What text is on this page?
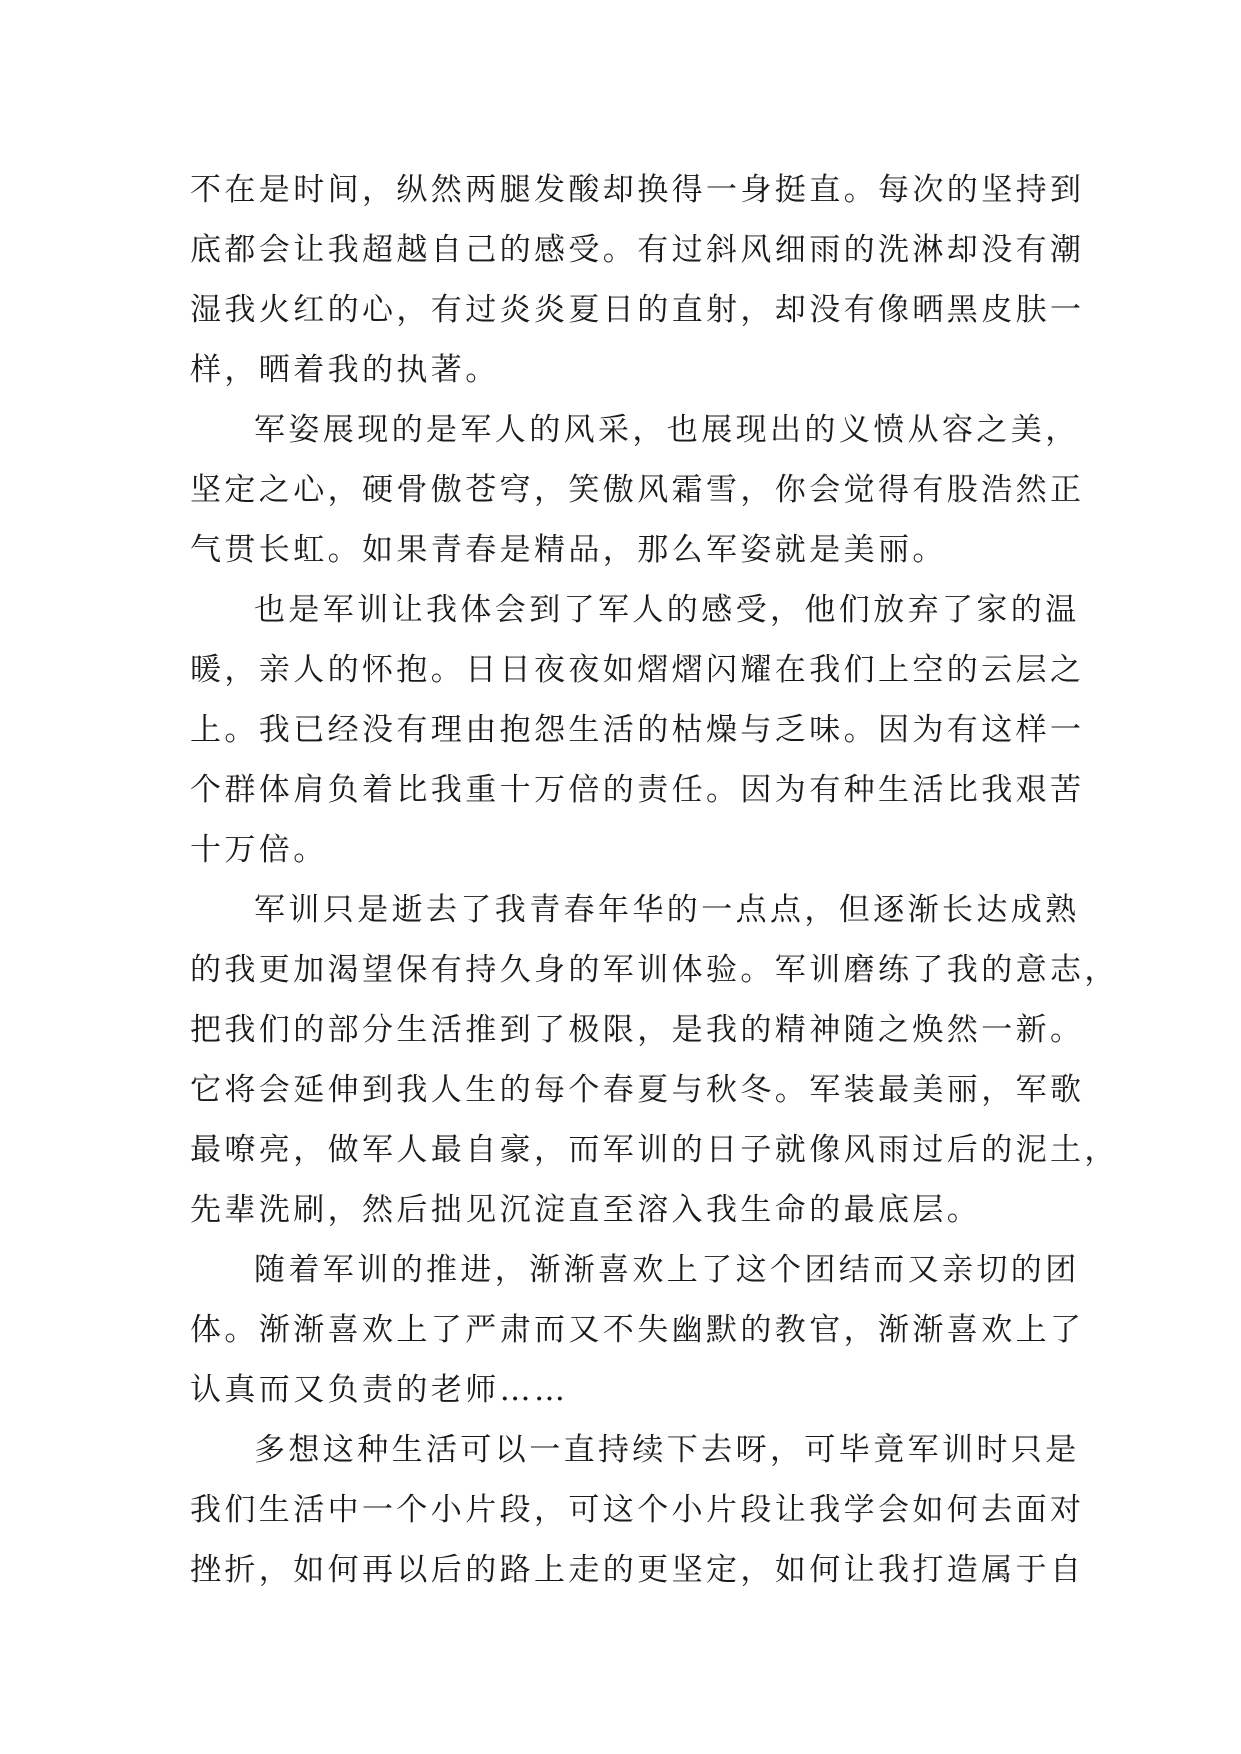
不在是时间，纵然两腿发酸却换得一身挺直。每次的坚持到
底都会让我超越自己的感受。有过斜风细雨的洗淋却没有潮
湿我火红的心，有过炎炎夏日的直射，却没有像晒黑皮肤一
样，晒着我的执著。
军姿展现的是军人的风采，也展现出的义愤从容之美，
坚定之心，硬骨傲苍穹，笑傲风霜雪，你会觉得有股浩然正
气贯长虹。如果青春是精品，那么军姿就是美丽。
也是军训让我体会到了军人的感受，他们放弃了家的温
暖，亲人的怀抱。日日夜夜如熠熠闪耀在我们上空的云层之
上。我已经没有理由抱怨生活的枯燥与乏味。因为有这样一
个群体肩负着比我重十万倍的责任。因为有种生活比我艰苦
十万倍。
军训只是逝去了我青春年华的一点点，但逐渐长达成熟
的我更加渴望保有持久身的军训体验。军训磨练了我的意志，
把我们的部分生活推到了极限，是我的精神随之焕然一新。
它将会延伸到我人生的每个春夏与秋冬。军装最美丽，军歌
最嘹亮，做军人最自豪，而军训的日子就像风雨过后的泥土，
先辈洗刷，然后拙见沉淀直至溶入我生命的最底层。
随着军训的推进，渐渐喜欢上了这个团结而又亲切的团
体。渐渐喜欢上了严肃而又不失幽默的教官，渐渐喜欢上了
认真而又负责的老师……
多想这种生活可以一直持续下去呀，可毕竟军训时只是
我们生活中一个小片段，可这个小片段让我学会如何去面对
挫折，如何再以后的路上走的更坚定，如何让我打造属于自
